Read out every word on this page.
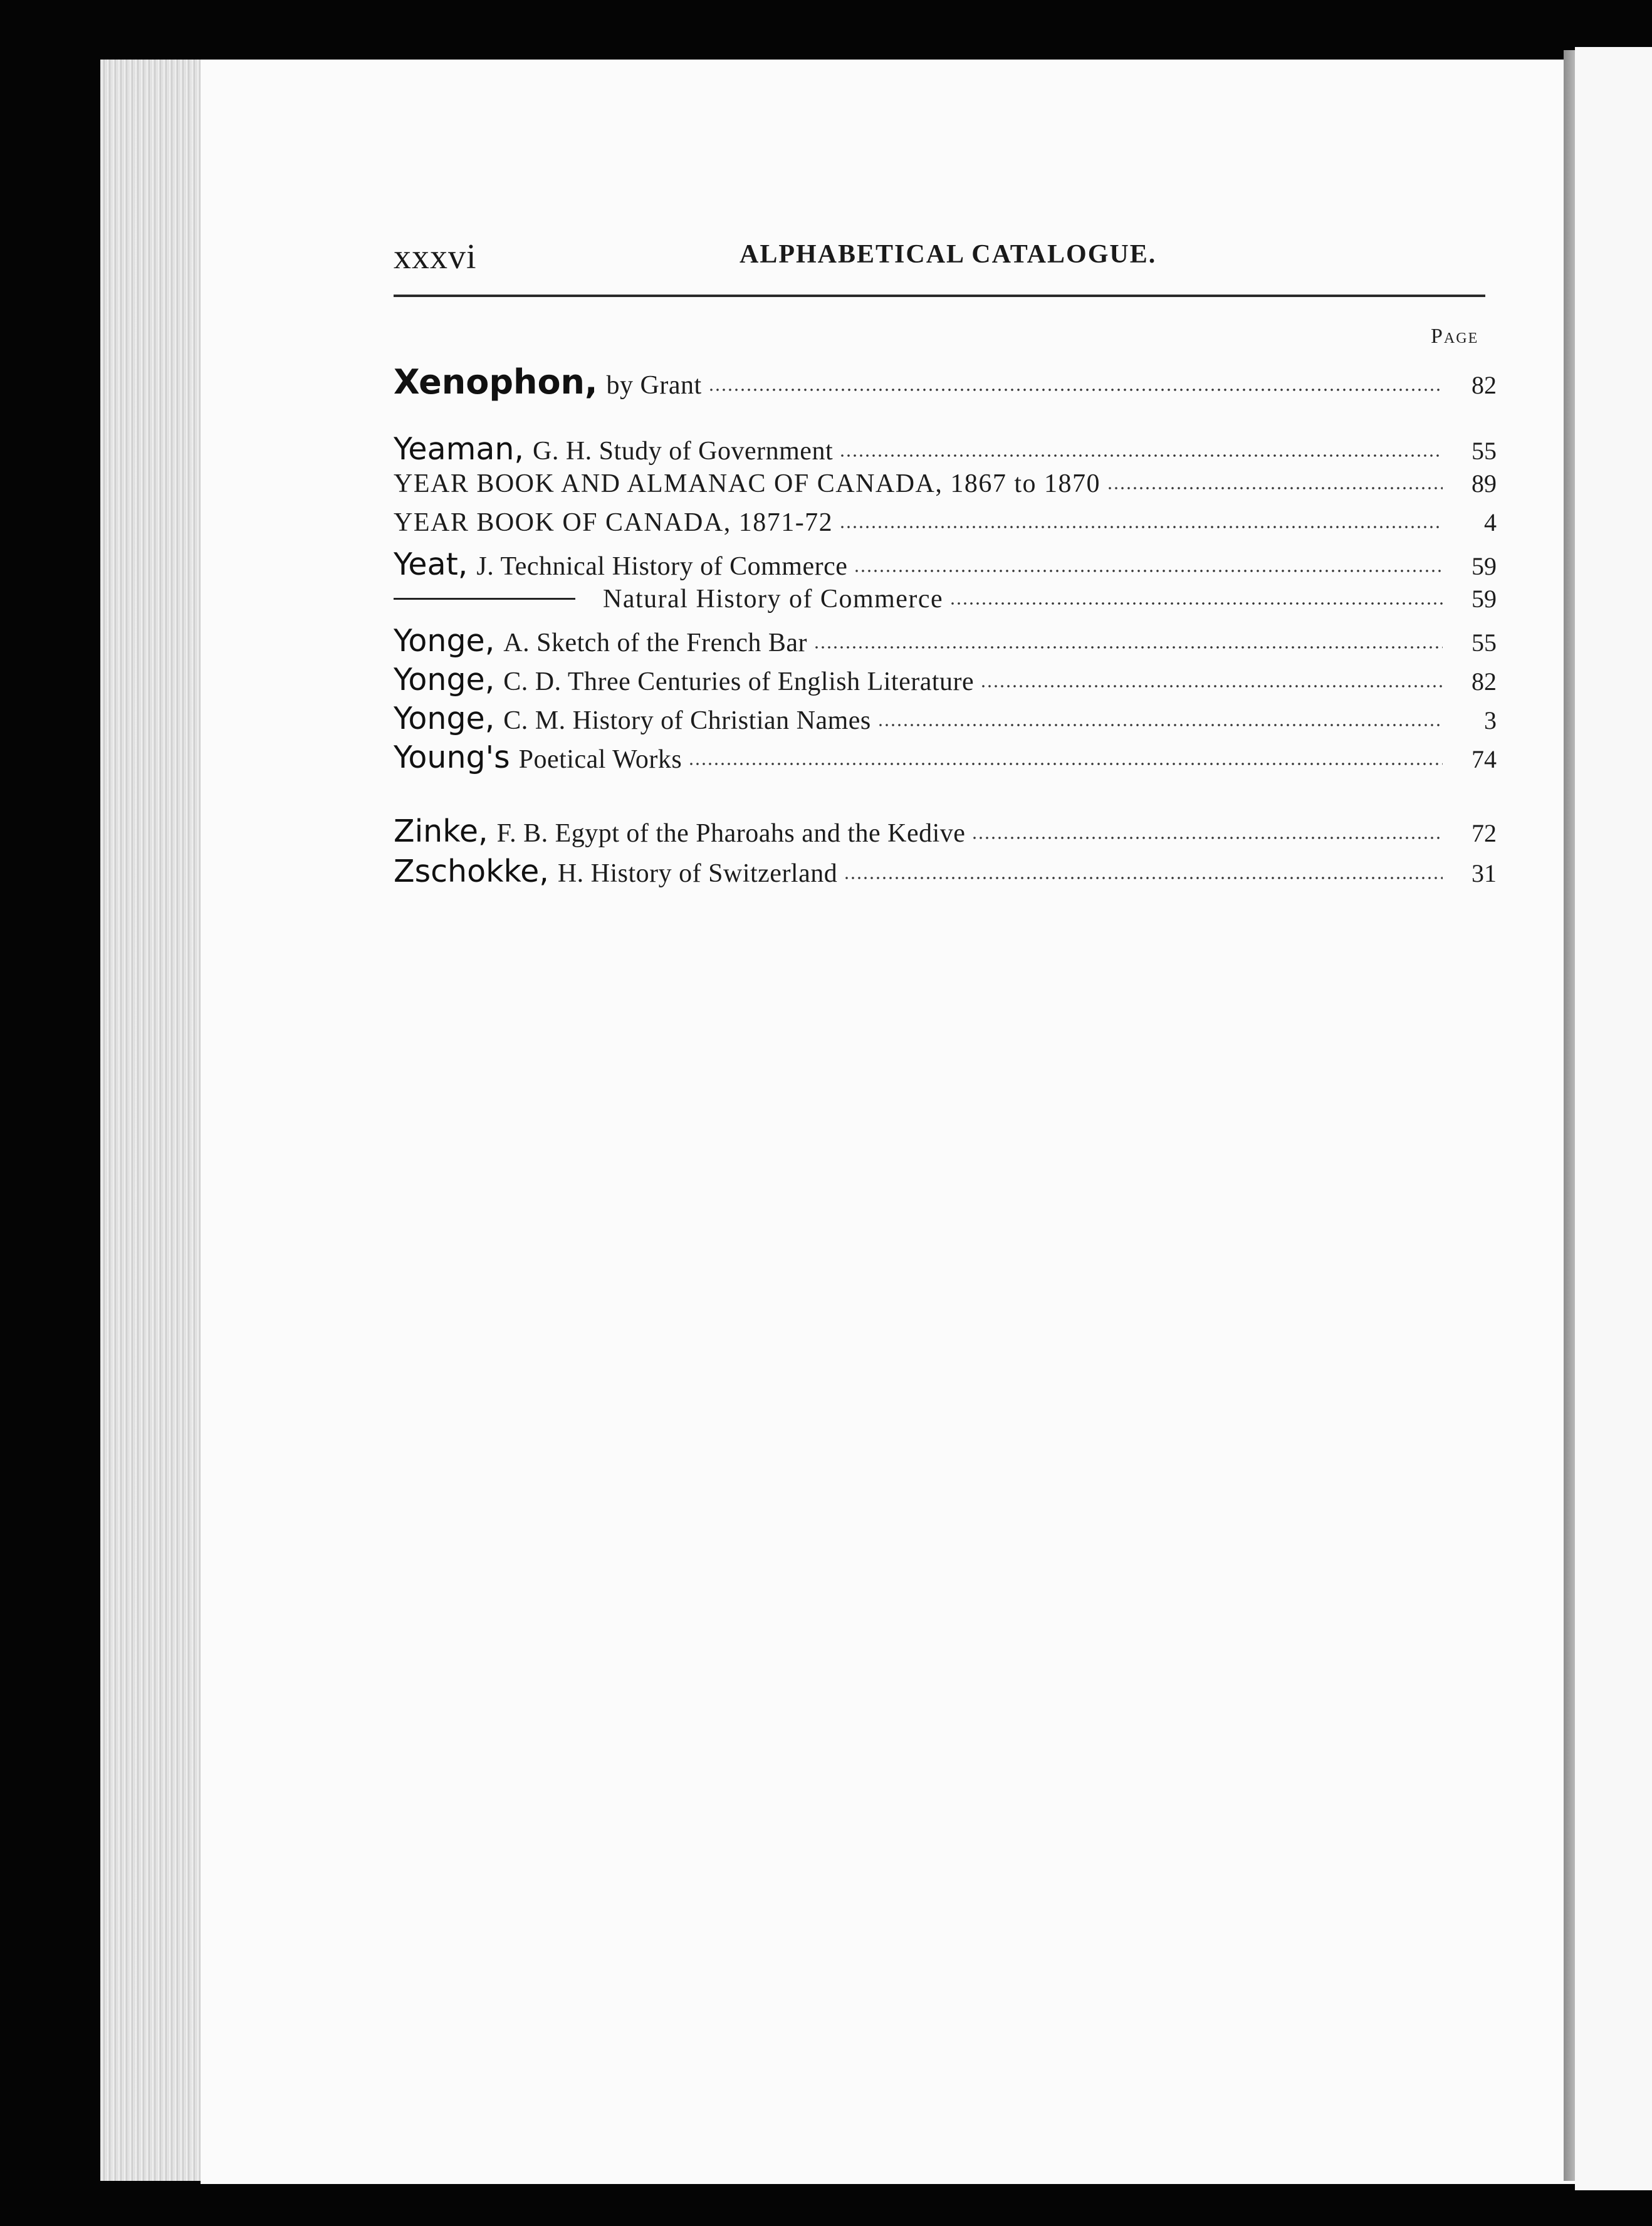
xxxvi	ALPHABETICAL CATALOGUE.
Page
Xenophon, by Grant	82
Yeaman, G. H. Study of Government	55
YEAR BOOK AND ALMANAC OF CANADA, 1867 to 1870	89
YEAR BOOK OF CANADA, 1871-72	4
Yeat, J. Technical History of Commerce	59
Natural History of Commerce	59
Yonge, A. Sketch of the French Bar	55
Yonge, C. D. Three Centuries of English Literature	82
Yonge, C. M. History of Christian Names	3
Young's Poetical Works	74
Zinke, F. B. Egypt of the Pharoahs and the Kedive	72
Zschokke, H. History of Switzerland	31
